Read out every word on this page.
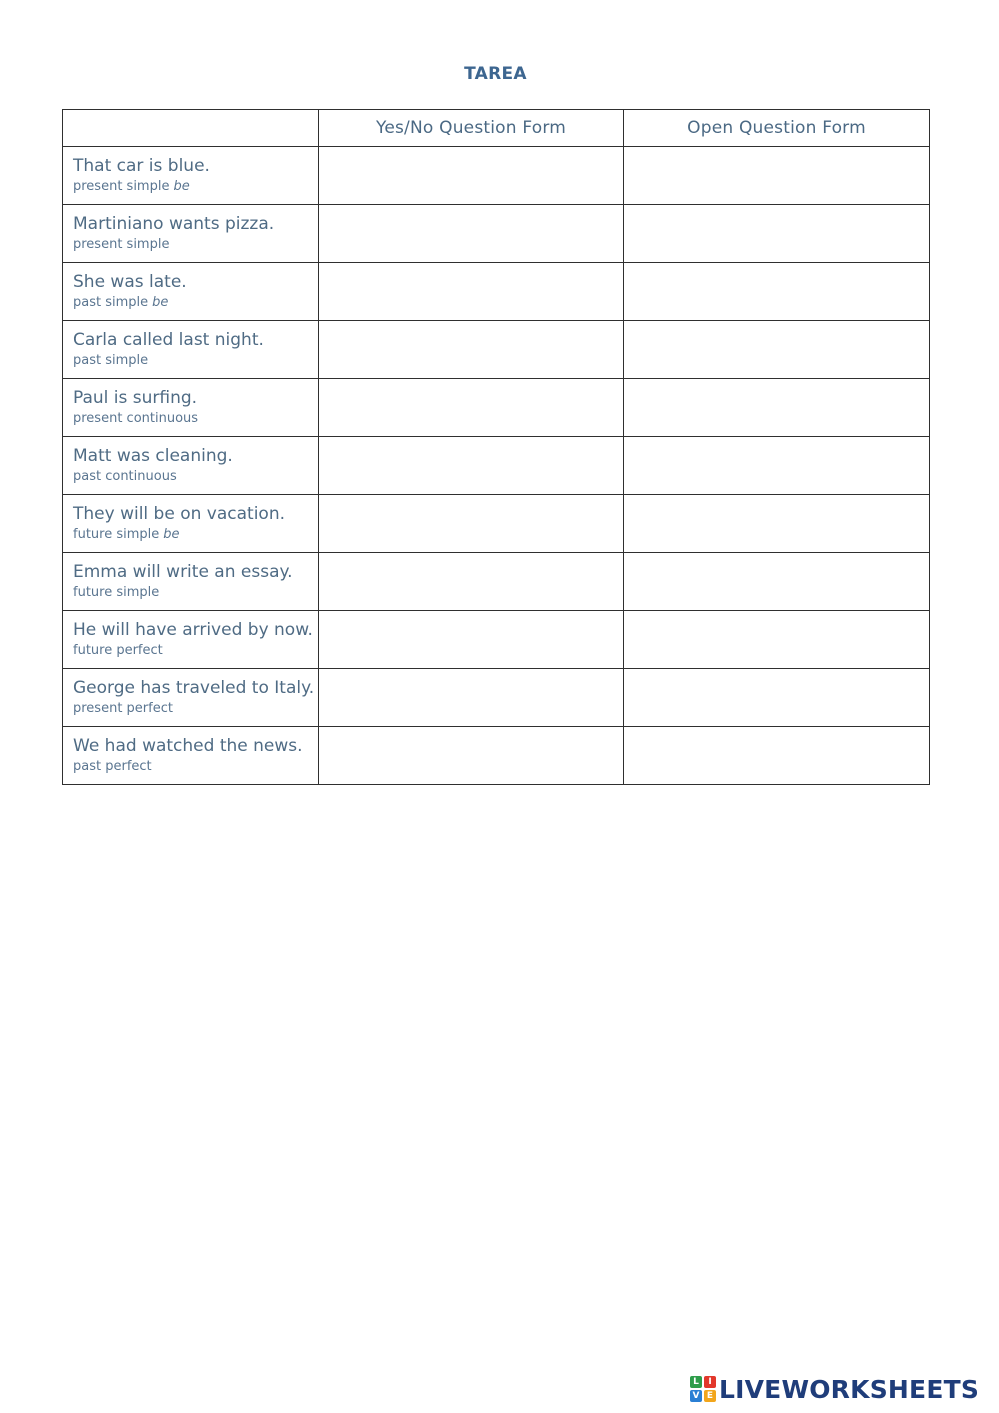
TAREA
	Yes/No Question Form	Open Question Form

That car is blue.
present simple be		

Martiniano wants pizza.
present simple		

She was late.
past simple be		

Carla called last night.
past simple		

Paul is surfing.
present continuous		

Matt was cleaning.
past continuous		

They will be on vacation.
future simple be		

Emma will write an essay.
future simple		

He will have arrived by now.
future perfect		

George has traveled to Italy.
present perfect		

We had watched the news.
past perfect		

L	I
V E LIVEWORKSHEETS
